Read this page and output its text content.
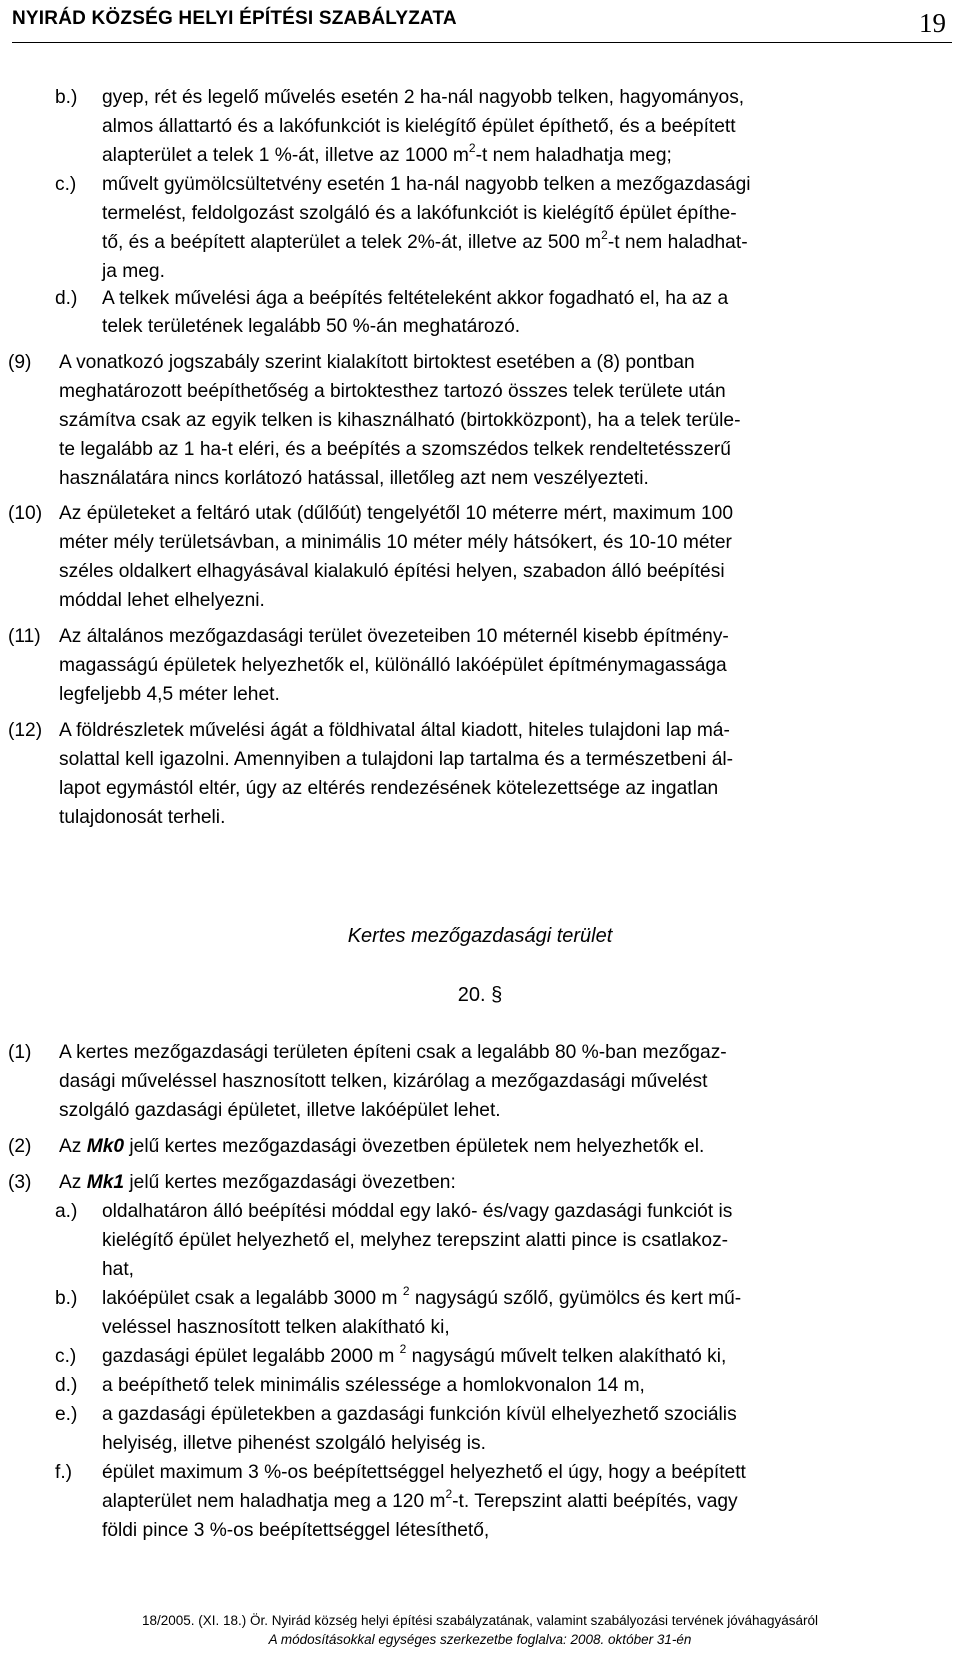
NYIRÁD KÖZSÉG HELYI ÉPÍTÉSI SZABÁLYZATA	19
b.) gyep, rét és legelő művelés esetén 2 ha-nál nagyobb telken, hagyományos,
almos állattartó és a lakófunkciót is kielégítő épület építhető, és a beépített
alapterület a telek 1 %-át, illetve az 1000 $m^2-t$ nem haladhatja meg;
c.) művelt gyümölcsültetvény esetén 1 ha-nál nagyobb telken a mezőgazdasági
termelést, feldolgozást szolgáló és a lakófunkciót is kielégítő épület építhe-
tő, és a beépített alapterület a telek 2%-át, illetve az 500 $m^2-t$ nem haladhat-
ja meg.
d.) A telkek művelési ága a beépítés feltételeként akkor fogadható el, ha az a
telek területének legalább 50 %-án meghatározó.
(9) A vonatkozó jogszabály szerint kialakított birtoktest esetében a (8) pontban
meghatározott beépíthetőség a birtoktesthez tartozó összes telek területe után
számítva csak az egyik telken is kihasználható (birtokközpont), ha a telek terüle-
te legalább az 1 ha-t eléri, és a beépítés a szomszédos telkek rendeltetésszerű
használatára nincs korlátozó hatással, illetőleg azt nem veszélyezteti.
(10) Az épületeket a feltáró utak (dűlőút) tengelyétől 10 méterre mért, maximum 100
méter mély területsávban, a minimális 10 méter mély hátsókert, és 10-10 méter
széles oldalkert elhagyásával kialakuló építési helyen, szabadon álló beépítési
móddal lehet elhelyezni.
(11) Az általános mezőgazdasági terület övezeteiben 10 méternél kisebb építmény-
magasságú épületek helyezhetők el, különálló lakóépület építménymagassága
legfeljebb 4,5 méter lehet.
(12) A földrészletek művelési ágát a földhivatal által kiadott, hiteles tulajdoni lap má-
solattal kell igazolni. Amennyiben a tulajdoni lap tartalma és a természetbeni ál-
lapot egymástól eltér, úgy az eltérés rendezésének kötelezettsége az ingatlan
tulajdonosát terheli.
Kertes mezőgazdasági terület
20. §
(1) A kertes mezőgazdasági területen építeni csak a legalább 80 %-ban mezőgaz-
dasági műveléssel hasznosított telken, kizárólag a mezőgazdasági művelést
szolgáló gazdasági épületet, illetve lakóépület lehet.
(2) Az Mk0 jelű kertes mezőgazdasági övezetben épületek nem helyezhetők el.
(3) Az Mk1 jelű kertes mezőgazdasági övezetben:
a.) oldalhatáron álló beépítési móddal egy lakó- és/vagy gazdasági funkciót is
kielégítő épület helyezhető el, melyhez terepszint alatti pince is csatlakoz-
hat,
b.) lakóépület csak a legalább 3000 m $^2$ nagyságú szőlő, gyümölcs és kert mű-
veléssel hasznosított telken alakítható ki,
c.) gazdasági épület legalább 2000 m $^2$ nagyságú művelt telken alakítható ki,
d.) a beépíthető telek minimális szélessége a homlokvonalon 14 m,
e.) a gazdasági épületekben a gazdasági funkción kívül elhelyezhető szociális
helyiség, illetve pihenést szolgáló helyiség is.
f.) épület maximum 3 %-os beépítettséggel helyezhető el úgy, hogy a beépített
alapterület nem haladhatja meg a 120 $m^2-t$. Terepszint alatti beépítés, vagy
földi pince 3 %-os beépítettséggel létesíthető,
18/2005. (XI. 18.) Ör. Nyirád község helyi építési szabályzatának, valamint szabályozási tervének jóváhagyásáról
A módosításokkal egységes szerkezetbe foglalva: 2008. október 31-én
